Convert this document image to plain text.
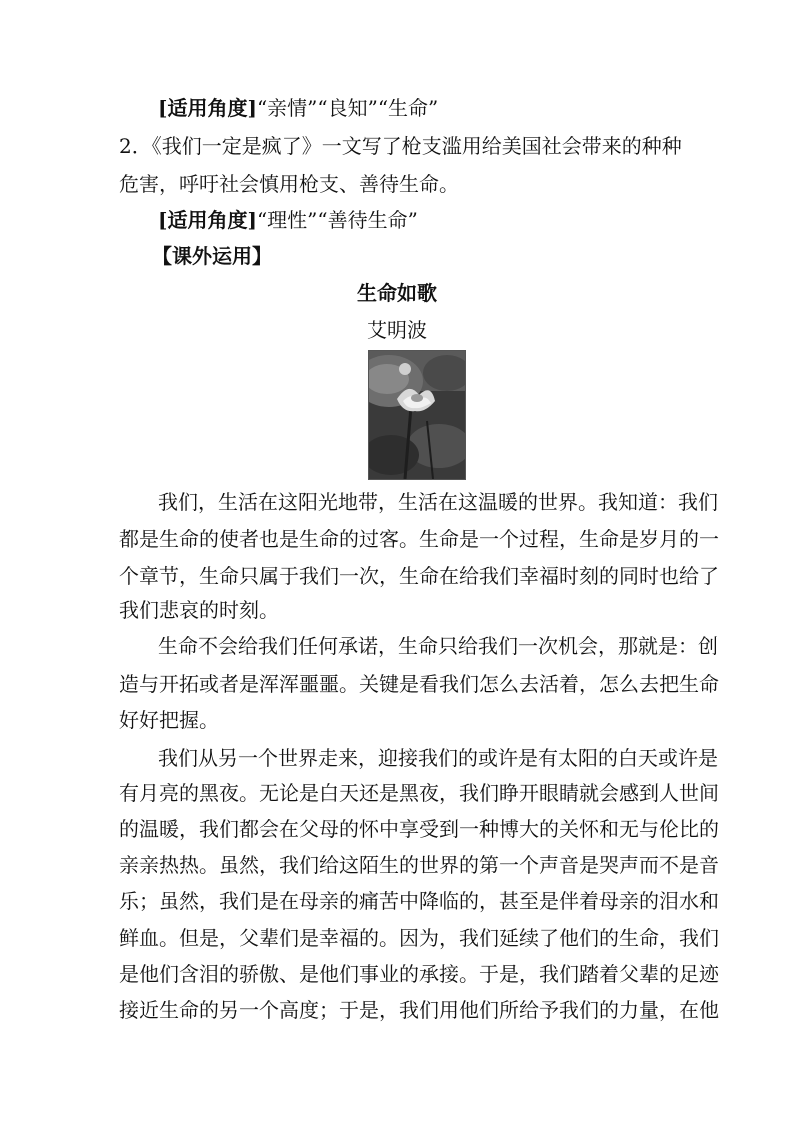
[适用角度]“亲情”“良知”“生命”
2．《我们一定是疯了》一文写了枪支滥用给美国社会带来的种种
危害，呼吁社会慎用枪支、善待生命。
[适用角度]“理性”“善待生命”
【课外运用】
生命如歌
艾明波
我们，生活在这阳光地带，生活在这温暖的世界。我知道：我们
都是生命的使者也是生命的过客。生命是一个过程，生命是岁月的一
个章节，生命只属于我们一次，生命在给我们幸福时刻的同时也给了
我们悲哀的时刻。
生命不会给我们任何承诺，生命只给我们一次机会，那就是：创
造与开拓或者是浑浑噩噩。关键是看我们怎么去活着，怎么去把生命
好好把握。
我们从另一个世界走来，迎接我们的或许是有太阳的白天或许是
有月亮的黑夜。无论是白天还是黑夜，我们睁开眼睛就会感到人世间
的温暖，我们都会在父母的怀中享受到一种博大的关怀和无与伦比的
亲亲热热。虽然，我们给这陌生的世界的第一个声音是哭声而不是音
乐；虽然，我们是在母亲的痛苦中降临的，甚至是伴着母亲的泪水和
鲜血。但是，父辈们是幸福的。因为，我们延续了他们的生命，我们
是他们含泪的骄傲、是他们事业的承接。于是，我们踏着父辈的足迹
接近生命的另一个高度；于是，我们用他们所给予我们的力量，在他
